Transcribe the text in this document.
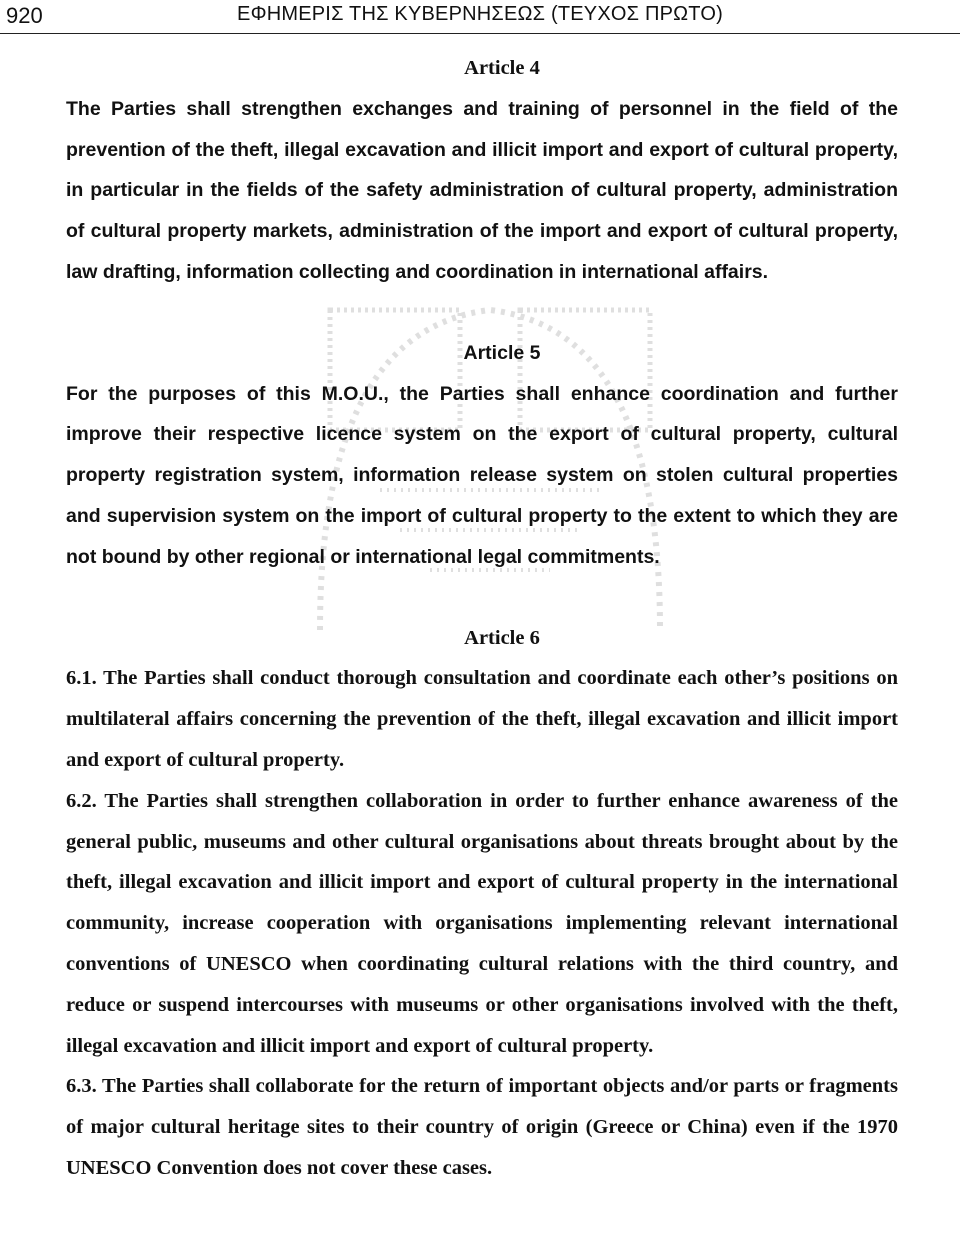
920	ΕΦΗΜΕΡΙΣ ΤΗΣ ΚΥΒΕΡΝΗΣΕΩΣ (ΤΕΥΧΟΣ ΠΡΩΤΟ)

Article 4

The Parties shall strengthen exchanges and training of personnel in the field of the prevention of the theft, illegal excavation and illicit import and export of cultural property, in particular in the fields of the safety administration of cultural property, administration of cultural property markets, administration of the import and export of cultural property, law drafting, information collecting and coordination in international affairs.

Article 5

For the purposes of this M.O.U., the Parties shall enhance coordination and further improve their respective licence system on the export of cultural property, cultural property registration system, information release system on stolen cultural properties and supervision system on the import of cultural property to the extent to which they are not bound by other regional or international legal commitments.

Article 6

6.1. The Parties shall conduct thorough consultation and coordinate each other’s positions on multilateral affairs concerning the prevention of the theft, illegal excavation and illicit import and export of cultural property.

6.2. The Parties shall strengthen collaboration in order to further enhance awareness of the general public, museums and other cultural organisations about threats brought about by the theft, illegal excavation and illicit import and export of cultural property in the international community, increase cooperation with organisations implementing relevant international conventions of UNESCO when coordinating cultural relations with the third country, and reduce or suspend intercourses with museums or other organisations involved with the theft, illegal excavation and illicit import and export of cultural property.

6.3. The Parties shall collaborate for the return of important objects and/or parts or fragments of major cultural heritage sites to their country of origin (Greece or China) even if the 1970 UNESCO Convention does not cover these cases.
